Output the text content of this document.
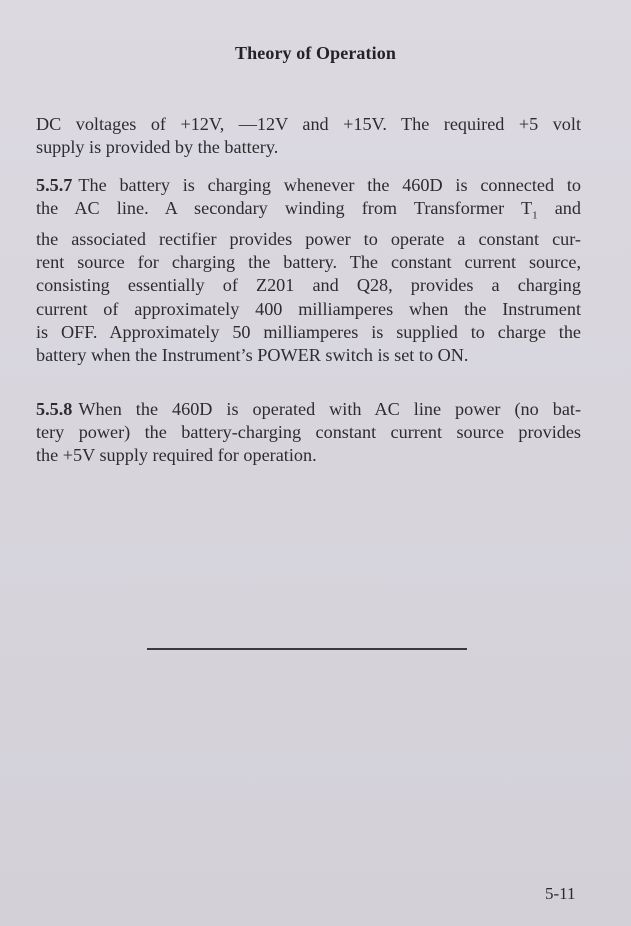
Theory of Operation
DC voltages of +12V, —12V and +15V. The required +5 volt
supply is provided by the battery.
5.5.7 The battery is charging whenever the 460D is connected to
the AC line. A secondary winding from Transformer $T_1$ and
the associated rectifier provides power to operate a constant cur-
rent source for charging the battery. The constant current source,
consisting essentially of Z201 and Q28, provides a charging
current of approximately 400 milliamperes when the Instrument
is OFF. Approximately 50 milliamperes is supplied to charge the
battery when the Instrument’s POWER switch is set to ON.
5.5.8 When the 460D is operated with AC line power (no bat-
tery power) the battery-charging constant current source provides
the +5V supply required for operation.
5-11
